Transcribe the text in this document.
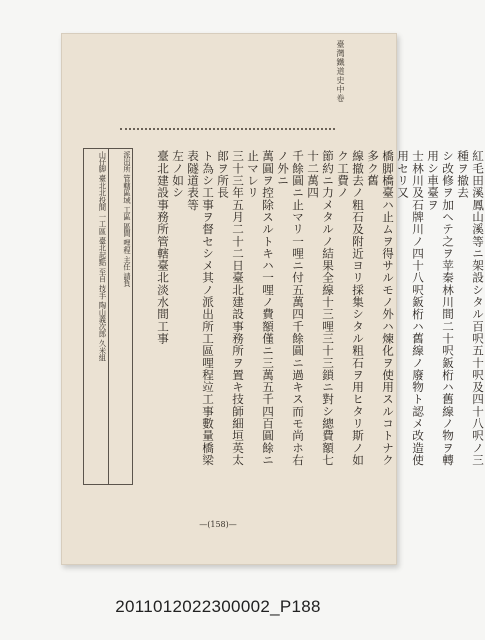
臺灣鐵道史中卷

紅毛田溪鳳山溪等ニ架設シタル百呎五十呎及四十八呎ノ三種ヲ撤去

シ改修ヲ加ヘテ之ヲ苹秦林川間二十呎鈑桁ハ舊線ノ物ヲ轉用シ車臺ヲ

士林川及石牌川ノ四十八呎鈑桁ハ舊線ノ廢物ト認メ改造使用セリ又

橋脚橋臺ハ止ムヲ得サルモノ外ハ煉化ヲ使用スルコトナク多ク舊

線撤去ノ粗石及附近ヨリ採集シタル粗石ヲ用ヒタリ斯ノ如ク工費ノ

節約ニ力メタルノ結果全線十三哩三十三鎖ニ對シ總費額七十二萬四

千餘圓ニ止マリ一哩ニ付五萬四千餘圓ニ過キス而モ尚ホ右ノ外ニ

萬圓ヲ控除スルトキハ一哩ノ費額僅ニ三萬五千四百圓餘ニ止マレリ

三十三年五月二十二日臺北建設事務所ヲ置キ技師細垣英太郎ヲ所長

ト為シ工事ヲ督セシメ其ノ派出所工區哩程竝工事數量橋梁表隧道表等

左ノ如シ

臺北建設事務所管轄臺北淡水間工事

派出所 管轄區域 工區 區間 哩程 主任 請負
山仔脚 臺北北投間 一工區 臺北起點 至自 技手 陶山義次郎 久米組
—(158)—
2011012022300002_P188
